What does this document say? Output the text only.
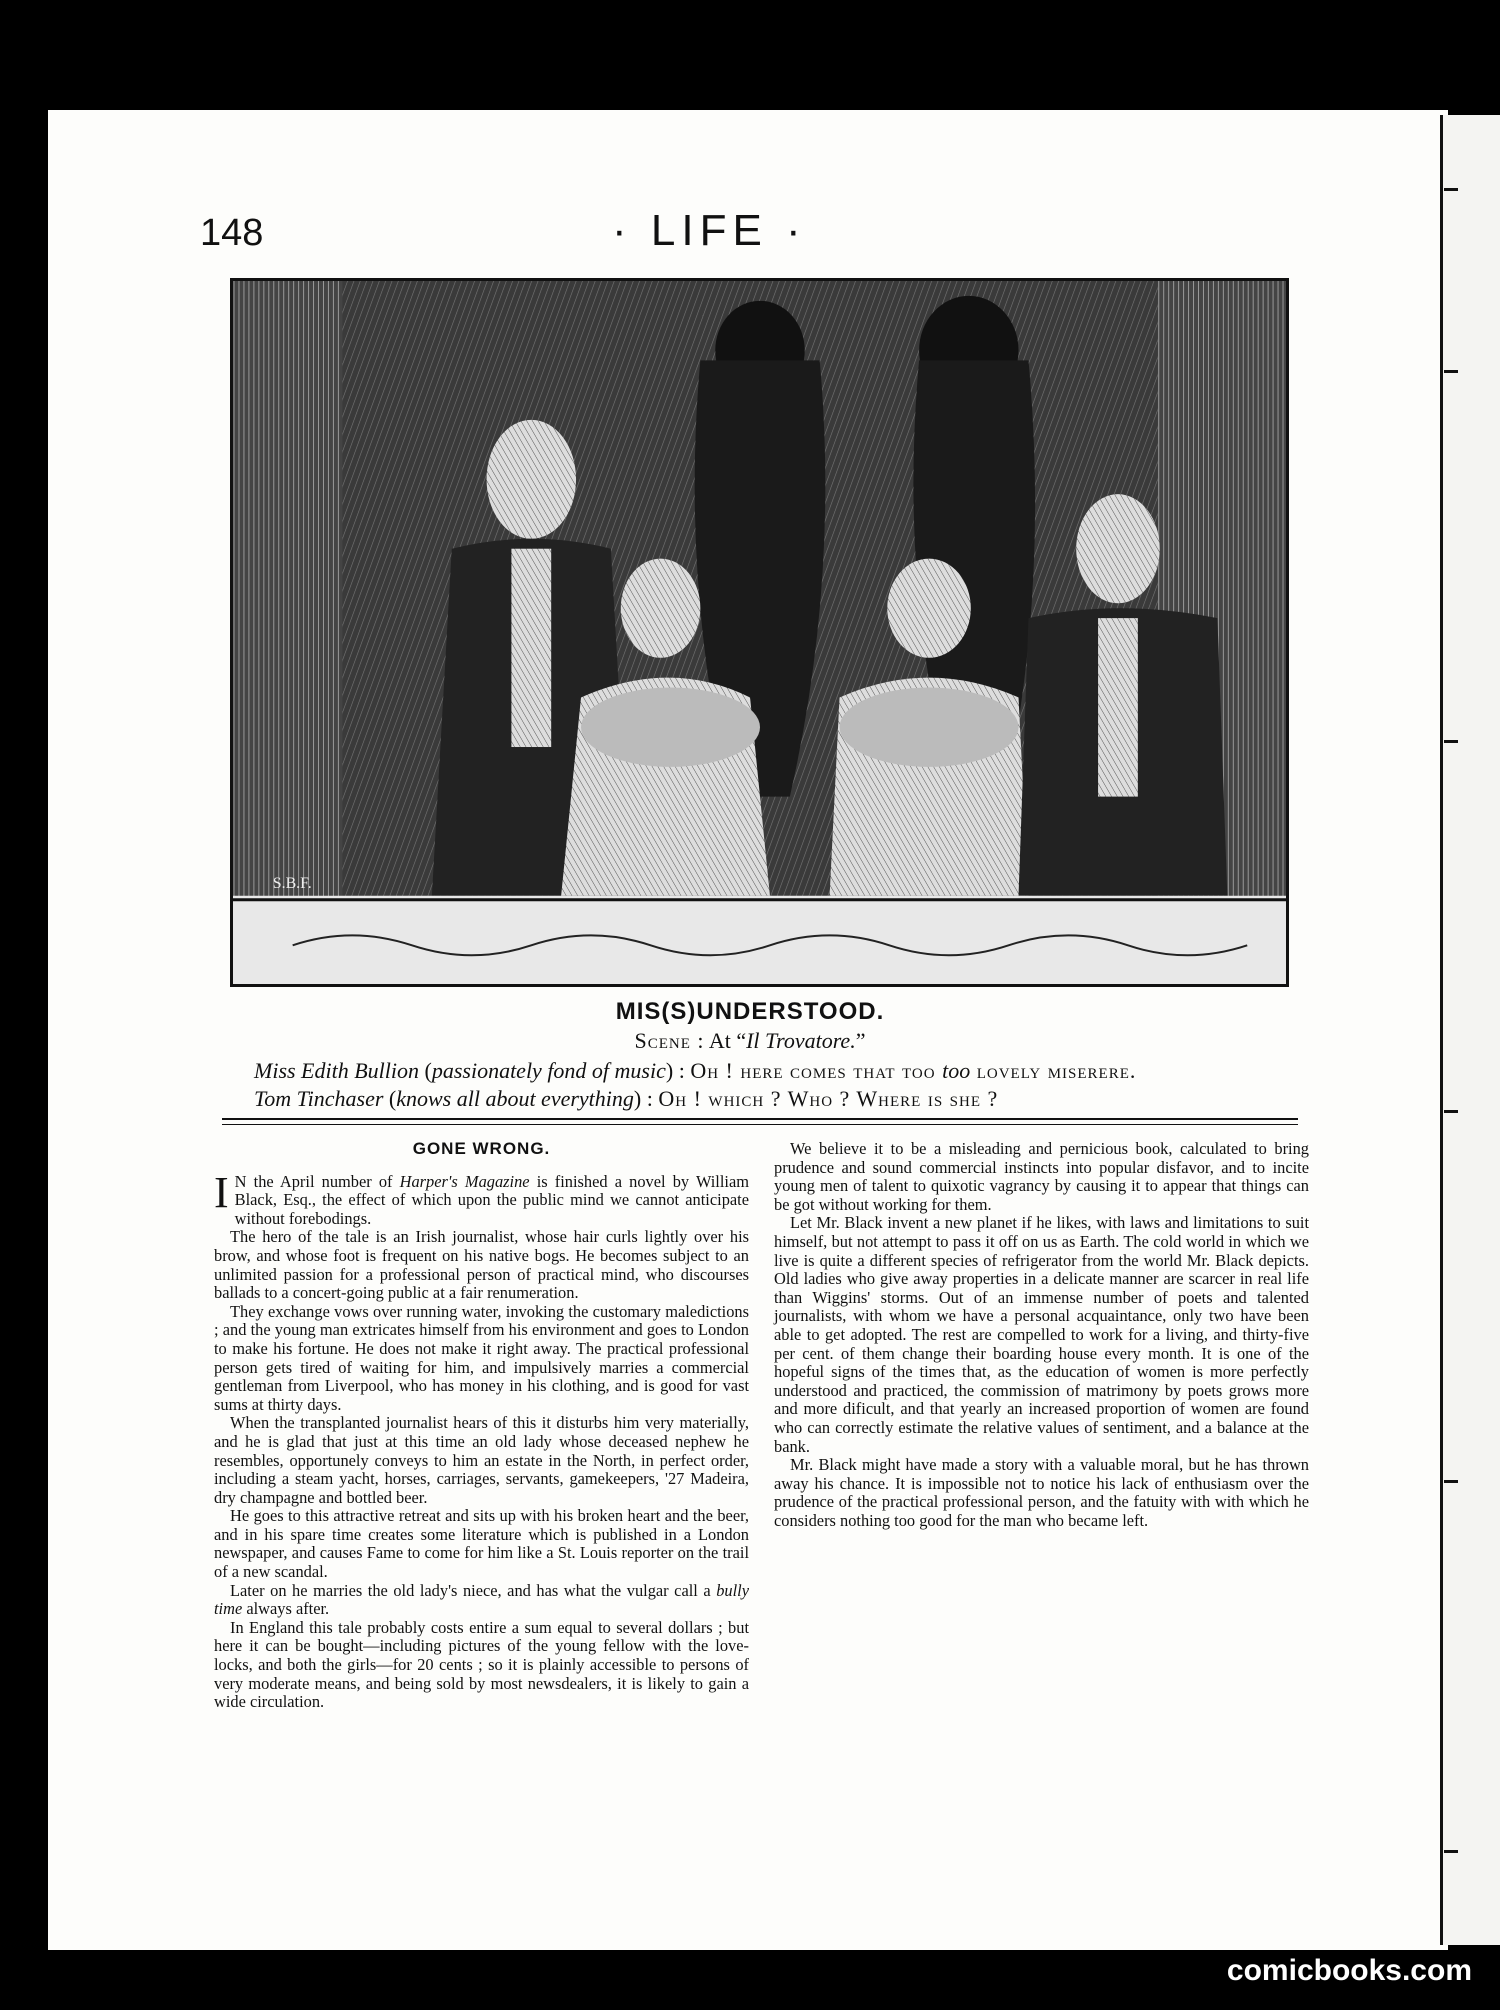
148	· LIFE ·
S.B.F.
MIS(S)UNDERSTOOD.
Scene : At “Il Trovatore.”
Miss Edith Bullion (passionately fond of music) : Oh ! here comes that too too lovely miserere.
Tom Tinchaser (knows all about everything) : Oh ! which ? Who ? Where is she ?
GONE WRONG.

I N the April number of Harper's Magazine is finished a novel by William Black, Esq., the effect of which upon the public mind we cannot anticipate without forebodings.

The hero of the tale is an Irish journalist, whose hair curls lightly over his brow, and whose foot is frequent on his native bogs. He becomes subject to an unlimited passion for a professional person of practical mind, who discourses ballads to a concert-going public at a fair renumeration.

They exchange vows over running water, invoking the customary maledictions ; and the young man extricates himself from his environment and goes to London to make his fortune. He does not make it right away. The practical professional person gets tired of waiting for him, and impulsively marries a commercial gentleman from Liverpool, who has money in his clothing, and is good for vast sums at thirty days.

When the transplanted journalist hears of this it disturbs him very materially, and he is glad that just at this time an old lady whose deceased nephew he resembles, opportunely conveys to him an estate in the North, in perfect order, including a steam yacht, horses, carriages, servants, gamekeepers, '27 Madeira, dry champagne and bottled beer.

He goes to this attractive retreat and sits up with his broken heart and the beer, and in his spare time creates some literature which is published in a London newspaper, and causes Fame to come for him like a St. Louis reporter on the trail of a new scandal.

Later on he marries the old lady's niece, and has what the vulgar call a bully time always after.

In England this tale probably costs entire a sum equal to several dollars ; but here it can be bought—including pictures of the young fellow with the love-locks, and both the girls—for 20 cents ; so it is plainly accessible to persons of very moderate means, and being sold by most newsdealers, it is likely to gain a wide circulation.

We believe it to be a misleading and pernicious book, calculated to bring prudence and sound commercial instincts into popular disfavor, and to incite young men of talent to quixotic vagrancy by causing it to appear that things can be got without working for them.

Let Mr. Black invent a new planet if he likes, with laws and limitations to suit himself, but not attempt to pass it off on us as Earth. The cold world in which we live is quite a different species of refrigerator from the world Mr. Black depicts. Old ladies who give away properties in a delicate manner are scarcer in real life than Wiggins' storms. Out of an immense number of poets and talented journalists, with whom we have a personal acquaintance, only two have been able to get adopted. The rest are compelled to work for a living, and thirty-five per cent. of them change their boarding house every month. It is one of the hopeful signs of the times that, as the education of women is more perfectly understood and practiced, the commission of matrimony by poets grows more and more dificult, and that yearly an increased proportion of women are found who can correctly estimate the relative values of sentiment, and a balance at the bank.

Mr. Black might have made a story with a valuable moral, but he has thrown away his chance. It is impossible not to notice his lack of enthusiasm over the prudence of the practical professional person, and the fatuity with with which he considers nothing too good for the man who became left.

comicbooks.com
